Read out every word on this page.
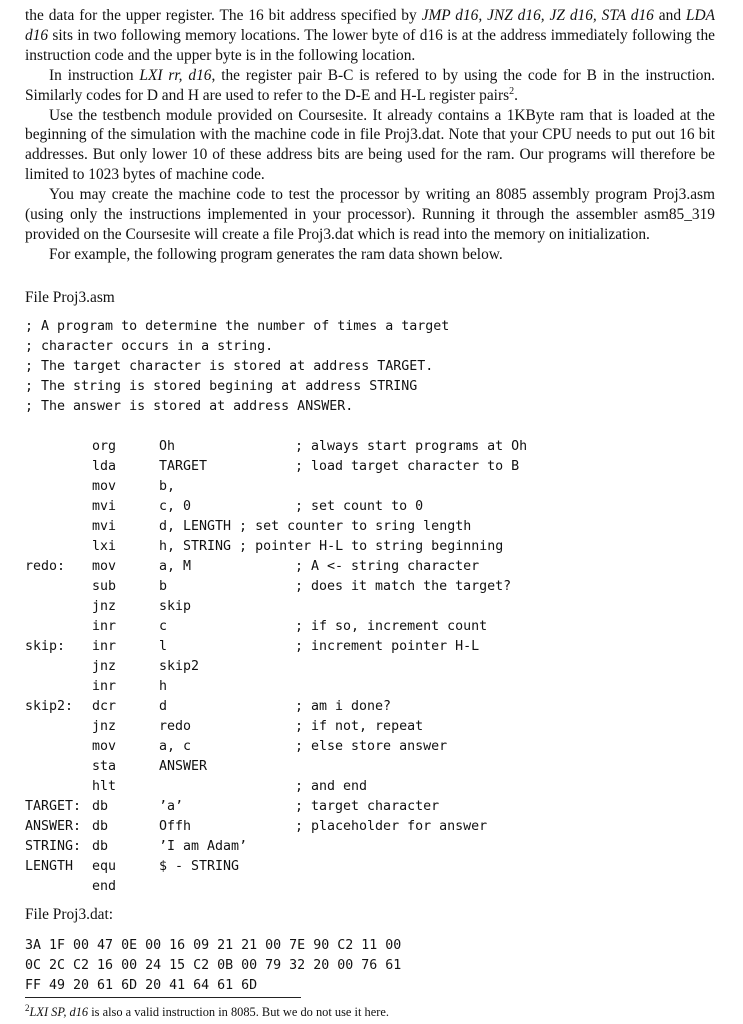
the data for the upper register. The 16 bit address specified by JMP d16, JNZ d16, JZ d16, STA d16 and LDA d16 sits in two following memory locations. The lower byte of d16 is at the address immediately following the instruction code and the upper byte is in the following location.

In instruction LXI rr, d16, the register pair B-C is refered to by using the code for B in the instruction. Similarly codes for D and H are used to refer to the D-E and H-L register pairs$^2$.

Use the testbench module provided on Coursesite. It already contains a 1KByte ram that is loaded at the beginning of the simulation with the machine code in file Proj3.dat. Note that your CPU needs to put out 16 bit addresses. But only lower 10 of these address bits are being used for the ram. Our programs will therefore be limited to 1023 bytes of machine code.

You may create the machine code to test the processor by writing an 8085 assembly program Proj3.asm (using only the instructions implemented in your processor). Running it through the assembler asm85_319 provided on the Coursesite will create a file Proj3.dat which is read into the memory on initialization.

For example, the following program generates the ram data shown below.

File Proj3.asm
; A program to determine the number of times a target
; character occurs in a string.
; The target character is stored at address TARGET.
; The string is stored begining at address STRING
; The answer is stored at address ANSWER.
org	Oh	; always start programs at Oh
lda	TARGET	; load target character to B
mov	b,
mvi	c, 0	; set count to 0
mvi	d, LENGTH ; set counter to sring length
lxi	h, STRING ; pointer H-L to string beginning
redo: mov	a, M	; A <- string character
sub	b	; does it match the target?
jnz	skip
inr	c	; if so, increment count
skip: inr	l	; increment pointer H-L
jnz	skip2
inr	h
skip2: dcr	d	; am i done?
jnz	redo	; if not, repeat
mov	a, c	; else store answer
sta	ANSWER
hlt	; and end
TARGET: db	’a’	; target character
ANSWER: db	Offh	; placeholder for answer
STRING: db	’I am Adam’
LENGTH equ	$ - STRING
end
File Proj3.dat:
3A 1F 00 47 0E 00 16 09 21 21 00 7E 90 C2 11 00
0C 2C C2 16 00 24 15 C2 0B 00 79 32 20 00 76 61
FF 49 20 61 6D 20 41 64 61 6D
$^2$LXI SP, d16 is also a valid instruction in 8085. But we do not use it here.
